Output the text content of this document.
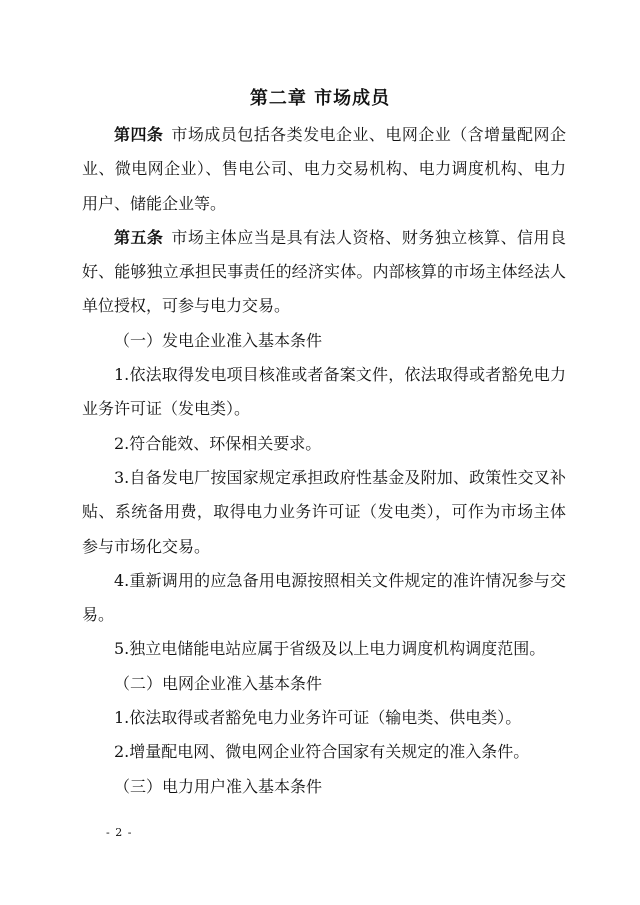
第二章 市场成员

第四条 市场成员包括各类发电企业、电网企业（含增量配网企业、微电网企业）、售电公司、电力交易机构、电力调度机构、电力用户、储能企业等。

第五条 市场主体应当是具有法人资格、财务独立核算、信用良好、能够独立承担民事责任的经济实体。内部核算的市场主体经法人单位授权，可参与电力交易。

（一）发电企业准入基本条件

1.依法取得发电项目核准或者备案文件，依法取得或者豁免电力业务许可证（发电类）。

2.符合能效、环保相关要求。

3.自备发电厂按国家规定承担政府性基金及附加、政策性交叉补贴、系统备用费，取得电力业务许可证（发电类），可作为市场主体参与市场化交易。

4.重新调用的应急备用电源按照相关文件规定的准许情况参与交易。

5.独立电储能电站应属于省级及以上电力调度机构调度范围。

（二）电网企业准入基本条件

1.依法取得或者豁免电力业务许可证（输电类、供电类）。

2.增量配电网、微电网企业符合国家有关规定的准入条件。

（三）电力用户准入基本条件

- 2 -
